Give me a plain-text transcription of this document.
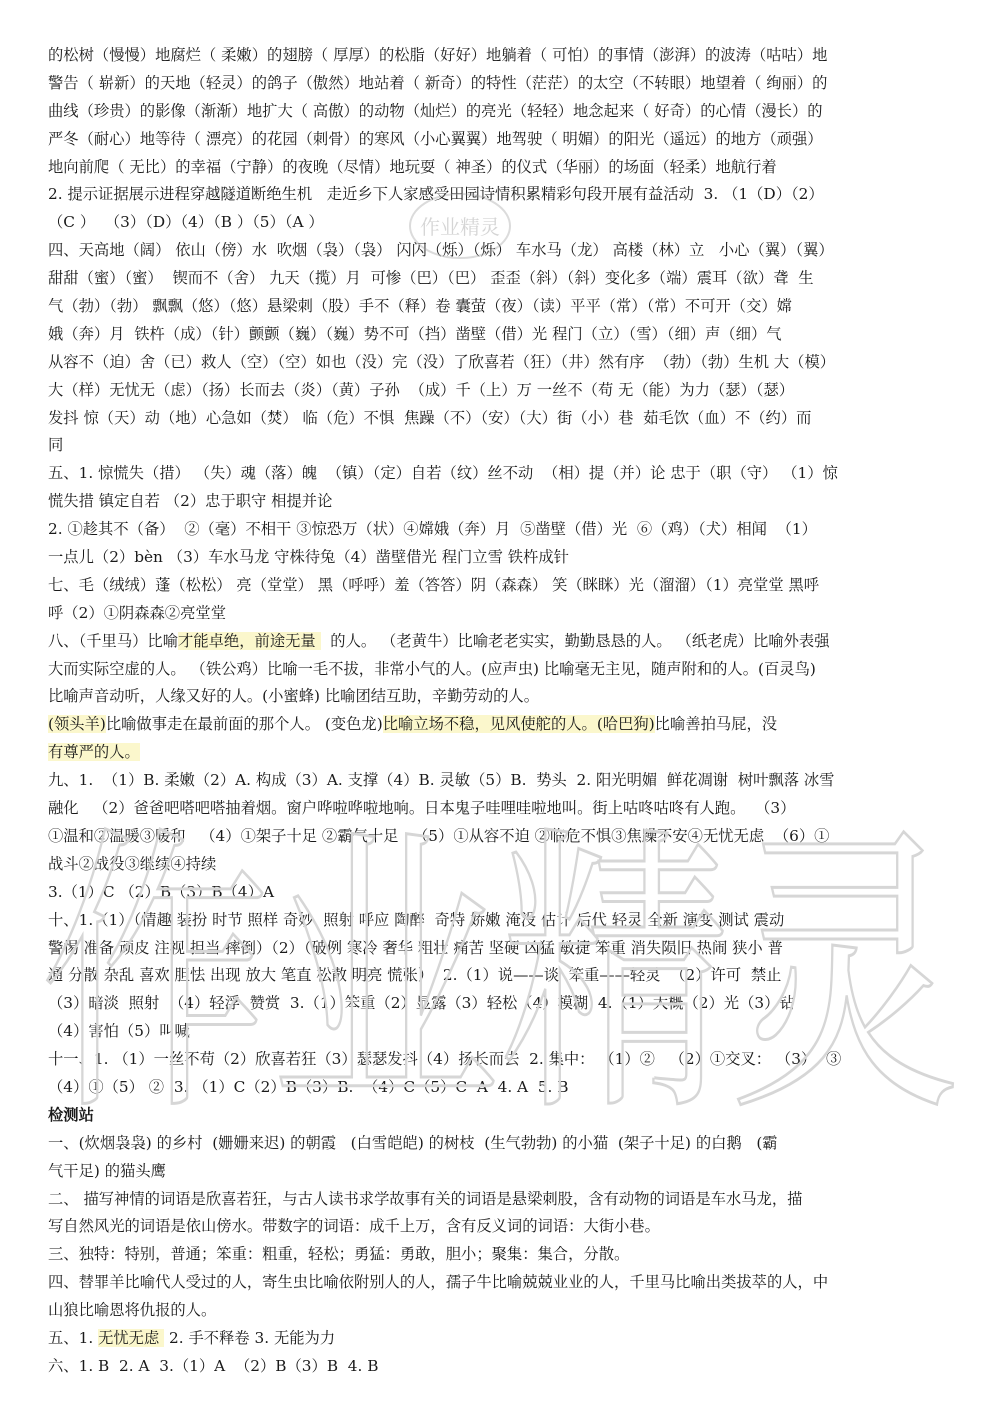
的松树（慢慢）地腐烂（ 柔嫩）的翅膀（ 厚厚）的松脂（好好）地躺着（ 可怕）的事情（澎湃）的波涛（咕咕）地
警告（ 崭新）的天地（轻灵）的鸽子（傲然）地站着（ 新奇）的特性（茫茫）的太空（不转眼）地望着（ 绚丽）的
曲线（珍贵）的影像（渐渐）地扩大（ 高傲）的动物（灿烂）的亮光（轻轻）地念起来（ 好奇）的心情（漫长）的
严冬（耐心）地等待（ 漂亮）的花园（刺骨）的寒风（小心翼翼）地驾驶（ 明媚）的阳光（遥远）的地方（顽强）
地向前爬（ 无比）的幸福（宁静）的夜晚（尽情）地玩耍（ 神圣）的仪式（华丽）的场面（轻柔）地航行着
2. 提示证据展示进程穿越隧道断绝生机   走近乡下人家感受田园诗情积累精彩句段开展有益活动  3. （1（D）（2）
（C ）  （3）（D）（4）（B ）（5）（A ）
四、天高地（阔） 依山（傍）水  吹烟（袅）（袅） 闪闪（烁）（烁） 车水马（龙） 高楼（林）立   小心（翼）（翼）
甜甜（蜜）（蜜）  锲而不（舍） 九天（揽）月  可惨（巴）（巴） 歪歪（斜）（斜）变化多（端）震耳（欲）聋  生
气（勃）（勃） 飘飘（悠）（悠）悬梁刺（股）手不（释）卷 囊萤（夜）（读）平平（常）（常）不可开（交）嫦
娥（奔）月  铁杵（成）（针）颤颤（巍）（巍）势不可（挡）凿壁（借）光 程门（立）（雪）（细）声（细）气
从容不（迫）舍（已）救人（空）（空）如也（没）完（没）了欣喜若（狂）（井）然有序  （勃）（勃）生机 大（模）
大（样）无忧无（虑）（扬）长而去（炎）（黄）子孙  （成）千（上）万 一丝不（苟 无（能）为力（瑟）（瑟）
发抖 惊（天）动（地）心急如（焚） 临（危）不惧  焦躁（不）（安）（大）街（小）巷  茹毛饮（血）不（约）而
同
五、1. 惊慌失（措） （失）魂（落）魄  （镇）（定）自若（纹）丝不动  （相）提（并）论 忠于（职（守） （1）惊
慌失措 镇定自若 （2）忠于职守 相提并论
2. ①趁其不（备）  ②（毫）不相干 ③惊恐万（状）④嫦娥（奔）月  ⑤凿壁（借）光  ⑥（鸡）（犬）相闻  （1）
一点儿（2）bèn （3）车水马龙 守株待兔（4）凿壁借光 程门立雪 铁杵成针
七、毛（绒绒）蓬（松松） 亮（堂堂） 黑（呼呼）羞（答答）阴（森森） 笑（眯眯）光（溜溜）（1）亮堂堂 黑呼
呼（2）①阴森森②亮堂堂
八、（千里马）比喻才能卓绝，前途无量   的人。 （老黄牛）比喻老老实实，勤勤恳恳的人。 （纸老虎）比喻外表强
大而实际空虚的人。 （铁公鸡）比喻一毛不拔，非常小气的人。(应声虫) 比喻毫无主见，随声附和的人。(百灵鸟)
比喻声音动听，人缘又好的人。(小蜜蜂) 比喻团结互助，辛勤劳动的人。
(领头羊)比喻做事走在最前面的那个人。 (变色龙)比喻立场不稳，见风使舵的人。(哈巴狗)比喻善拍马屁，没
有尊严的人。
九、1.  （1）B. 柔嫩（2）A. 构成（3）A. 支撑（4）B. 灵敏（5）B.  势头  2. 阳光明媚  鲜花凋谢  树叶飘落 冰雪
融化   （2）爸爸吧嗒吧嗒抽着烟。窗户哗啦哗啦地响。日本鬼子哇哩哇啦地叫。街上咕咚咕咚有人跑。  （3）
①温和②温暖③暖和   （4）①架子十足 ②霸气十足   （5）①从容不迫 ②临危不惧③焦躁不安④无忧无虑  （6）①
战斗②战役③继续④持续
3.（1）C （2）B（3）B（4）A
十、1.（1）（情趣 装扮 时节 照样 奇妙  照射 呼应 陶醉  奇特 娇嫩 淹没 估计 后代 轻灵 全新 演变 测试 震动
警惕 准备 顽皮 注视 担当 摔倒）（2）（破例 寒冷 奢华 粗壮 痛苦 坚硬 凶猛 敏捷 笨重 消失陨旧 热闹 狭小 普
通 分散 杂乱 喜欢 胆怯 出现 放大 笔直 松散 明亮 慌张）  2.（1）说——谈  笨重——轻灵  （2）许可  禁止
（3）暗淡  照射  （4）轻浮  赞赏  3.（1）笨重（2）显露（3）轻松（4）模糊  4.（1）大概（2）光（3）钻
（4）害怕（5）叫喊
十一、1. （1）一丝不苟（2）欣喜若狂（3）瑟瑟发抖（4）扬长而去  2. 集中： （1）②   （2）①交叉： （3）  ③
（4）①（5） ②  3. （1）C（2）B（3）B.  （4）C（5）C  A  4. A  5. B
检测站
一、(炊烟袅袅) 的乡村  (姗姗来迟) 的朝霞   (白雪皑皑) 的树枝  (生气勃勃) 的小猫  (架子十足) 的白鹅   (霸
气干足) 的猫头鹰
二、 描写神情的词语是欣喜若狂，与古人读书求学故事有关的词语是悬梁刺股，含有动物的词语是车水马龙，描
写自然风光的词语是依山傍水。带数字的词语：成千上万，含有反义词的词语：大街小巷。
三、独特：特别，普通；笨重：粗重，轻松；勇猛：勇敢，胆小；聚集：集合，分散。
四、替罪羊比喻代人受过的人，寄生虫比喻依附别人的人，孺子牛比喻兢兢业业的人，千里马比喻出类拔萃的人，中
山狼比喻恩将仇报的人。
五、1. 无忧无虑  2. 手不释卷 3. 无能为力
六、1. B  2. A  3.（1）A  （2）B（3）B  4. B
作业精灵
作业精灵
